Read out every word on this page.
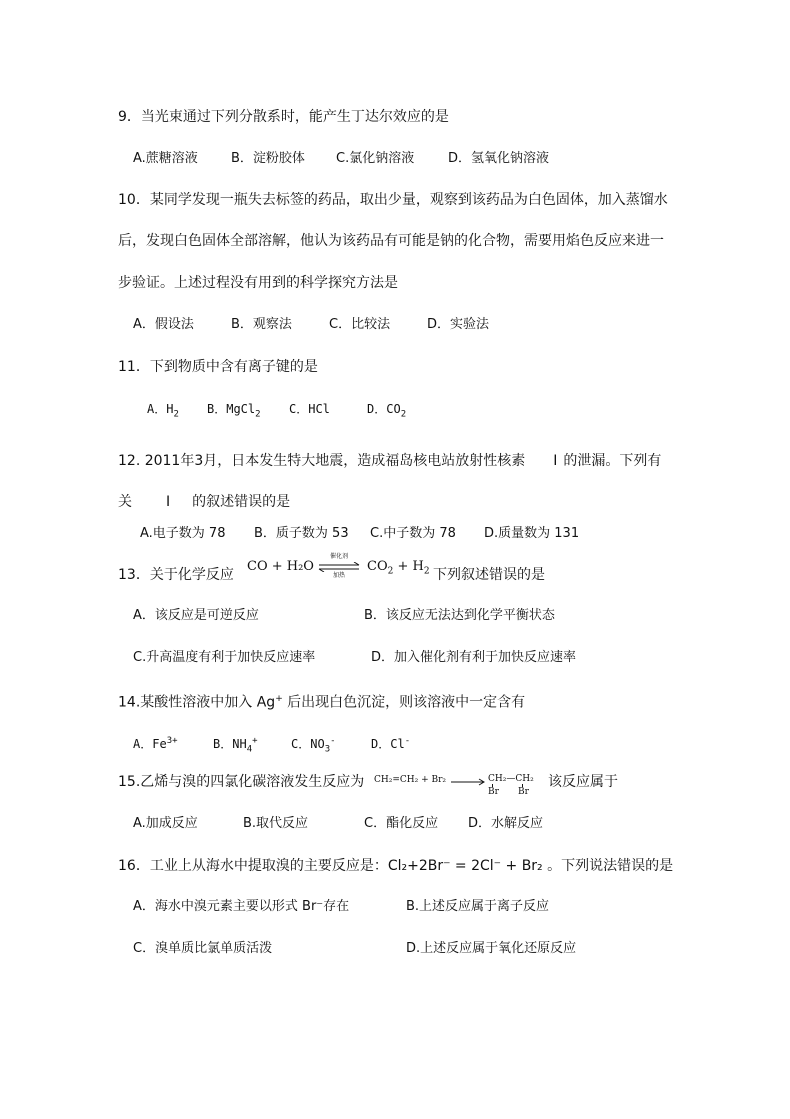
9．当光束通过下列分散系时，能产生丁达尔效应的是
A.蔗糖溶液	B．淀粉胶体 C.氯化钠溶液	D．氢氧化钠溶液
10．某同学发现一瓶失去标签的药品，取出少量，观察到该药品为白色固体，加入蒸馏水
后，发现白色固体全部溶解，他认为该药品有可能是钠的化合物，需要用焰色反应来进一
步验证。上述过程没有用到的科学探究方法是
A．假设法	B．观察法	C．比较法	D．实验法
11．下到物质中含有离子键的是
A．$H_2$ B．MgCl$_2$ C．HCl	D．$CO_2$
12. 2011年3月，日本发生特大地震，造成福岛核电站放射性核素 I 的泄漏。下列有
关 I 的叙述错误的是
A.电子数为 78 B．质子数为 53 C.中子数为 78 D.质量数为 131
13．关于化学反应
CO + H₂O
催化剂
加热
$CO_2 + H_2$ 下列叙述错误的是
A．该反应是可逆反应	B．该反应无法达到化学平衡状态
C.升高温度有利于加快反应速率	D．加入催化剂有利于加快反应速率
14.某酸性溶液中加入 Ag+ 后出现白色沉淀，则该溶液中一定含有
A．$Fe^{3+}$	B．$NH_4^+$	C．$NO_3^-$	D．Cl-
15.乙烯与溴的四氯化碳溶液发生反应为 CH₂=CH₂ + Br₂ → CH₂—CH₂
Br Br
该反应属于
A.加成反应	B.取代反应	C．酯化反应 D．水解反应
16．工业上从海水中提取溴的主要反应是：Cl₂+2Br⁻ = 2Cl⁻ + Br₂ 。下列说法错误的是
A．海水中溴元素主要以形式 Br⁻存在	B.上述反应属于离子反应
C．溴单质比氯单质活泼	D.上述反应属于氧化还原反应
